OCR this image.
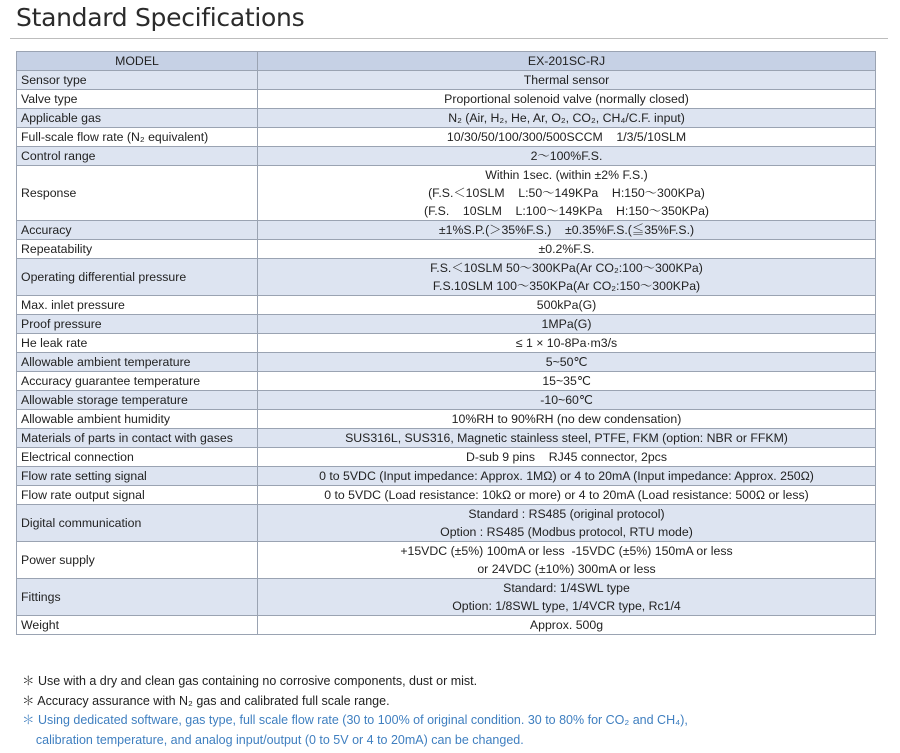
Standard Specifications
MODEL	EX-201SC-RJ
Sensor type	Thermal sensor

Valve type	Proportional solenoid valve (normally closed)

Applicable gas	N₂ (Air, H₂, He, Ar, O₂, CO₂, CH₄/C.F. input)

Full-scale flow rate (N₂ equivalent)	10/30/50/100/300/500SCCM    1/3/5/10SLM

Control range	2～100%F.S.

Response	Within 1sec. (within ±2% F.S.)
(F.S.＜10SLM    L:50～149KPa    H:150～300KPa)
(F.S.    10SLM    L:100～149KPa    H:150～350KPa)

Accuracy	±1%S.P.(＞35%F.S.)    ±0.35%F.S.(≦35%F.S.)

Repeatability	±0.2%F.S.

Operating differential pressure	F.S.＜10SLM 50～300KPa(Ar CO₂:100～300KPa)
F.S.10SLM 100～350KPa(Ar CO₂:150～300KPa)

Max. inlet pressure	500kPa(G)

Proof pressure	1MPa(G)

He leak rate	≤ 1 × 10-8Pa·m3/s

Allowable ambient temperature	5~50℃

Accuracy guarantee temperature	15~35℃

Allowable storage temperature	-10~60℃

Allowable ambient humidity	10%RH to 90%RH (no dew condensation)

Materials of parts in contact with gases	SUS316L, SUS316, Magnetic stainless steel, PTFE, FKM (option: NBR or FFKM)

Electrical connection	D-sub 9 pins    RJ45 connector, 2pcs

Flow rate setting signal	0 to 5VDC (Input impedance: Approx. 1MΩ) or 4 to 20mA (Input impedance: Approx. 250Ω)

Flow rate output signal	0 to 5VDC (Load resistance: 10kΩ or more) or 4 to 20mA (Load resistance: 500Ω or less)

Digital communication	Standard : RS485 (original protocol)
Option : RS485 (Modbus protocol, RTU mode)

Power supply	+15VDC (±5%) 100mA or less  -15VDC (±5%) 150mA or less
or 24VDC (±10%) 300mA or less

Fittings	Standard: 1/4SWL type
Option: 1/8SWL type, 1/4VCR type, Rc1/4

Weight	Approx. 500g
＊ Use with a dry and clean gas containing no corrosive components, dust or mist.
＊ Accuracy assurance with N₂ gas and calibrated full scale range.
＊ Using dedicated software, gas type, full scale flow rate (30 to 100% of original condition. 30 to 80% for CO₂ and CH₄),
calibration temperature, and analog input/output (0 to 5V or 4 to 20mA) can be changed.
